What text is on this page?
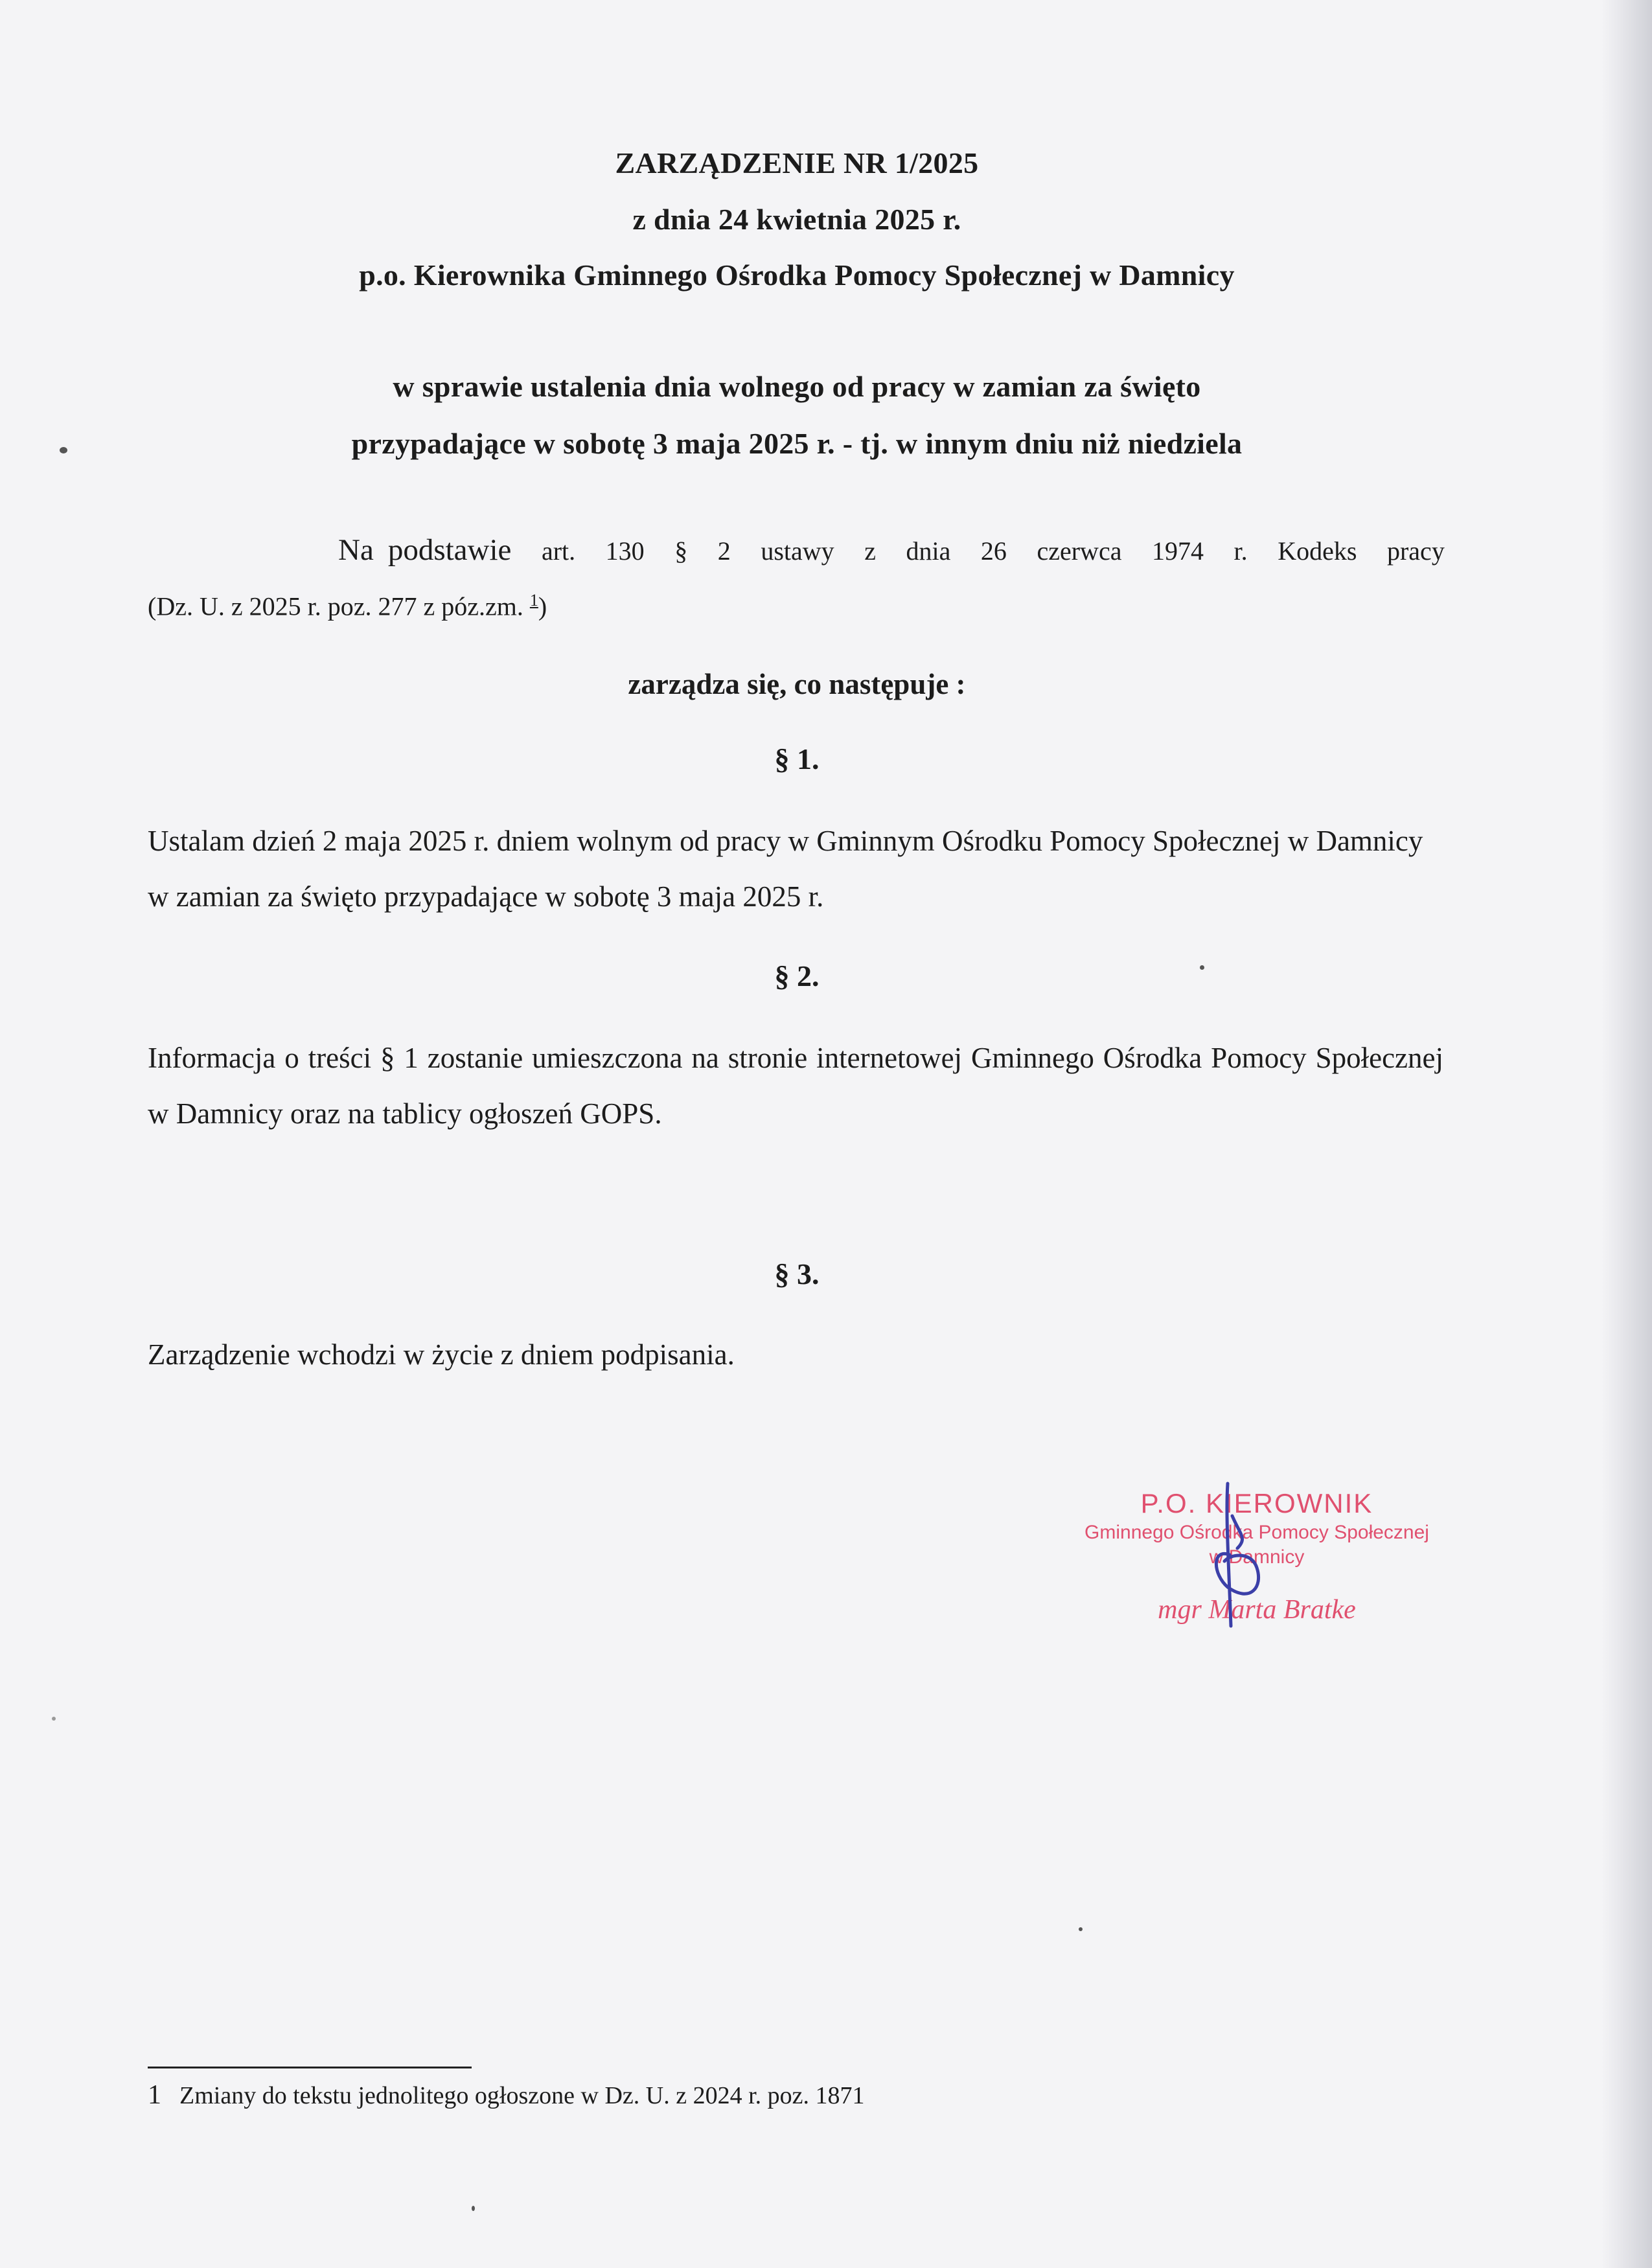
ZARZĄDZENIE NR 1/2025
z dnia 24 kwietnia 2025 r.
p.o. Kierownika Gminnego Ośrodka Pomocy Społecznej w Damnicy
w sprawie ustalenia dnia wolnego od pracy w zamian za święto
przypadające w sobotę 3 maja 2025 r. - tj. w innym dniu niż niedziela
Na podstawie art. 130 § 2 ustawy z dnia 26 czerwca 1974 r. Kodeks pracy
(Dz. U. z 2025 r. poz. 277 z póz.zm. $^1$)
zarządza się, co następuje :
§ 1.
Ustalam dzień 2 maja 2025 r. dniem wolnym od pracy w Gminnym Ośrodku Pomocy Społecznej w Damnicy w zamian za święto przypadające w sobotę 3 maja 2025 r.
§ 2.
Informacja o treści § 1 zostanie umieszczona na stronie internetowej Gminnego Ośrodka Pomocy Społecznej w Damnicy oraz na tablicy ogłoszeń GOPS.
§ 3.
Zarządzenie wchodzi w życie z dniem podpisania.
P.O. KIEROWNIK
Gminnego Ośrodka Pomocy Społecznej
w Damnicy
mgr Marta Bratke
1 Zmiany do tekstu jednolitego ogłoszone w Dz. U. z 2024 r. poz. 1871
